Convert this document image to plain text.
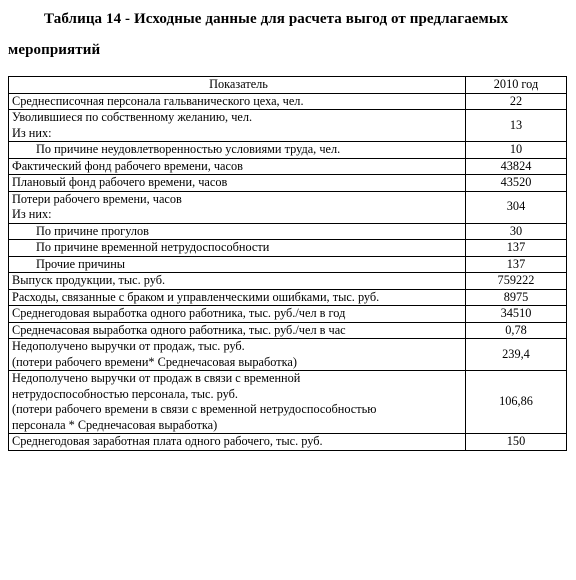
Таблица 14 - Исходные данные для расчета выгод от предлагаемых
мероприятий
Показатель	2010 год
Среднесписочная персонала гальванического цеха, чел.	22

Уволившиеся по собственному желанию, чел.
Из них:	13
По причине неудовлетворенностью условиями труда, чел.	10
Фактический фонд рабочего времени, часов	43824
Плановый фонд рабочего времени, часов	43520

Потери рабочего времени, часов
Из них:	304
По причине прогулов	30
По причине временной нетрудоспособности	137
Прочие причины	137
Выпуск продукции, тыс. руб.	759222
Расходы, связанные с браком и управленческими ошибками, тыс. руб.	8975
Среднегодовая выработка одного работника, тыс. руб./чел в год	34510
Среднечасовая выработка одного работника, тыс. руб./чел в час	0,78

Недополучено выручки от продаж, тыс. руб.
(потери рабочего времени* Среднечасовая выработка)	239,4

Недополучено выручки от продаж в связи с временной
нетрудоспособностью персонала, тыс. руб.
(потери рабочего времени в связи с временной нетрудоспособностью
персонала * Среднечасовая выработка)	106,86
Среднегодовая заработная плата одного рабочего, тыс. руб.	150
